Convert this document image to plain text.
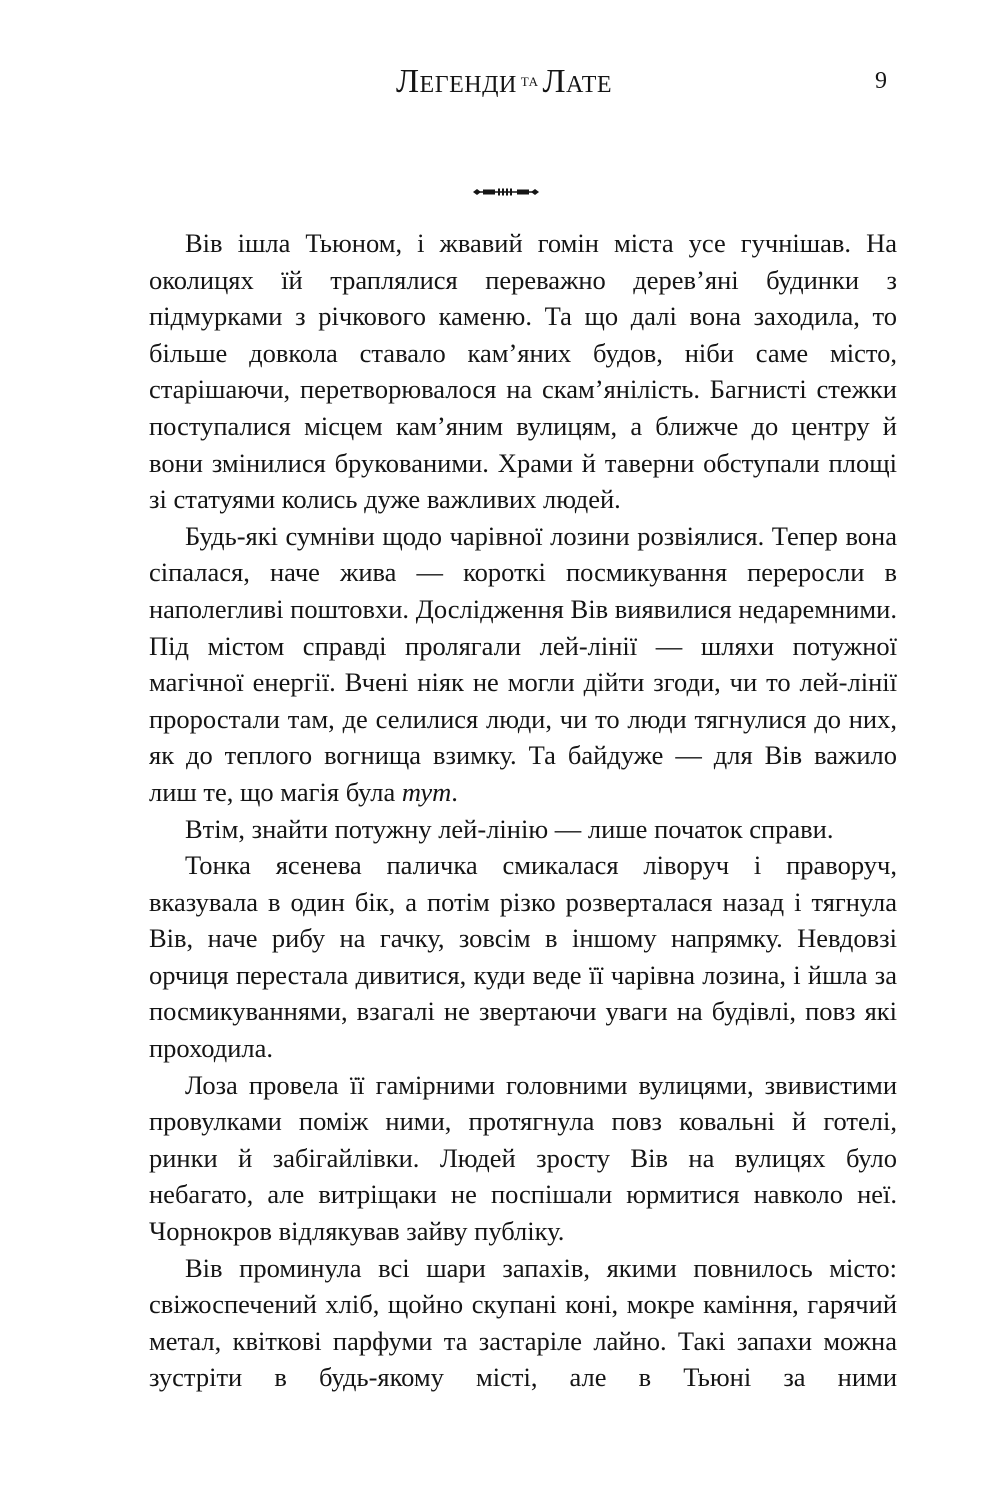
Легенди та Лате	9

Вів ішла Тьюном, і жвавий гомін міста усе гучнішав. На околицях їй траплялися переважно дерев’яні будинки з підмурками з річкового каменю. Та що далі вона заходила, то більше довкола ставало кам’яних будов, ніби саме місто, старішаючи, перетворювалося на скам’янілість. Багнисті стежки поступалися місцем кам’яним вулицям, а ближче до центру й вони змінилися брукованими. Храми й таверни обступали площі зі статуями колись дуже важливих людей.

Будь-які сумніви щодо чарівної лозини розвіялися. Тепер вона сіпалася, наче жива — короткі посмикування переросли в наполегливі поштовхи. Дослідження Вів виявилися недаремними. Під містом справді пролягали лей-лінії — шляхи потужної магічної енергії. Вчені ніяк не могли дійти згоди, чи то лей-лінії проростали там, де селилися люди, чи то люди тягнулися до них, як до теплого вогнища взимку. Та байдуже — для Вів важило лиш те, що магія була тут.

Втім, знайти потужну лей-лінію — лише початок справи.

Тонка ясенева паличка смикалася ліворуч і праворуч, вказувала в один бік, а потім різко розверталася назад і тягнула Вів, наче рибу на гачку, зовсім в іншому напрямку. Невдовзі орчиця перестала дивитися, куди веде її чарівна лозина, і йшла за посмикуваннями, взагалі не звертаючи уваги на будівлі, повз які проходила.

Лоза провела її гамірними головними вулицями, звивистими провулками поміж ними, протягнула повз ковальні й готелі, ринки й забігайлівки. Людей зросту Вів на вулицях було небагато, але витріщаки не поспішали юрмитися навколо неї. Чорнокров відлякував зайву публіку.

Вів проминула всі шари запахів, якими повнилось місто: свіжоспечений хліб, щойно скупані коні, мокре каміння, гарячий метал, квіткові парфуми та застаріле лайно. Такі запахи можна зустріти в будь-якому місті, але в Тьюні за ними
